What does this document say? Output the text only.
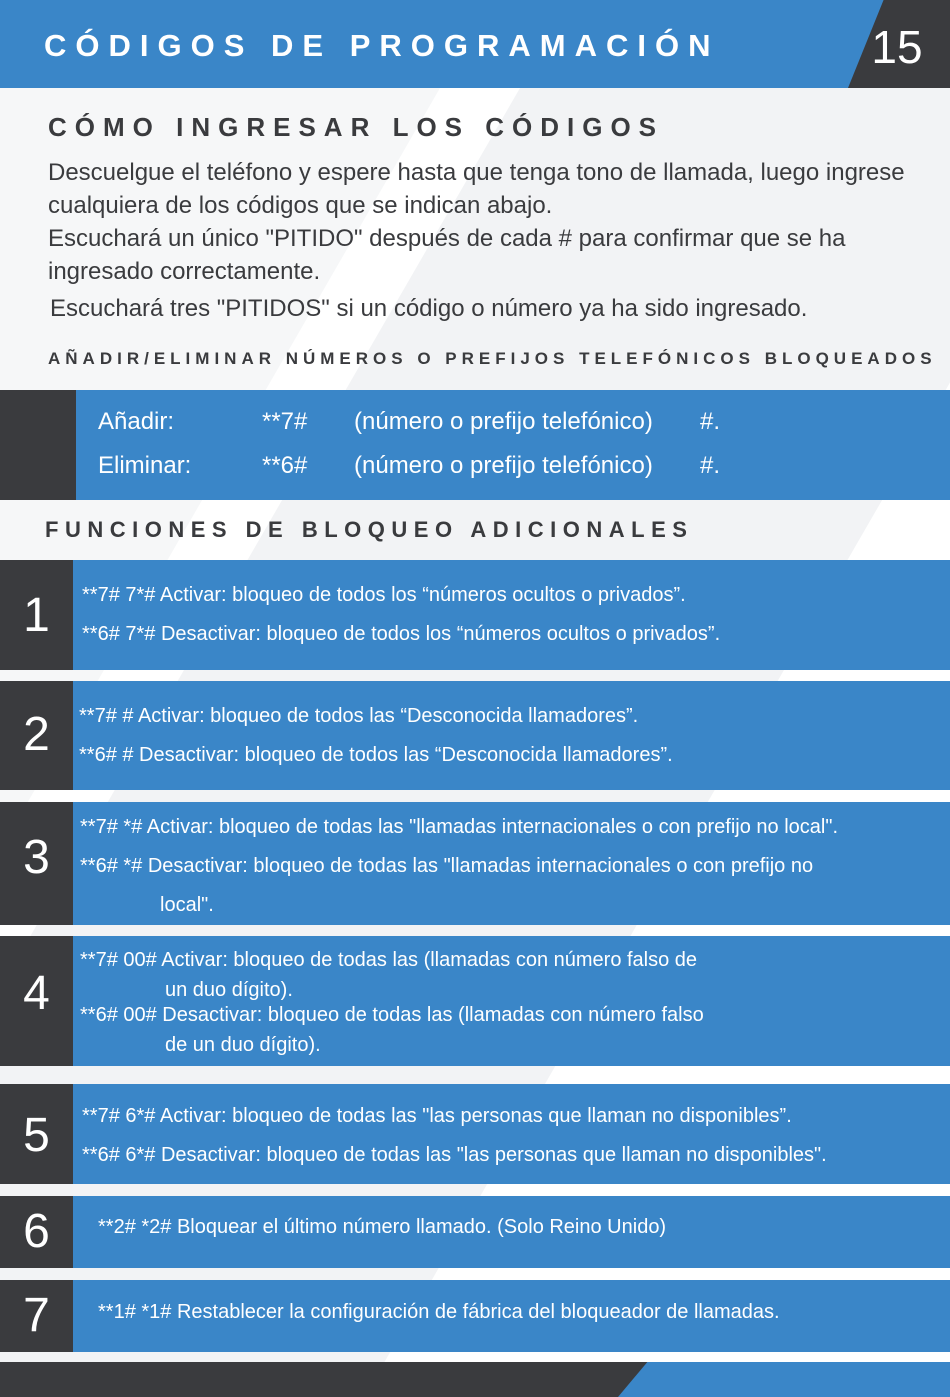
CÓDIGOS DE PROGRAMACIÓN	15
CÓMO INGRESAR LOS CÓDIGOS
Descuelgue el teléfono y espere hasta que tenga tono de llamada, luego ingrese cualquiera de los códigos que se indican abajo.
Escuchará un único "PITIDO" después de cada # para confirmar que se ha ingresado correctamente.
Escuchará tres "PITIDOS" si un código o número ya ha sido ingresado.
AÑADIR/ELIMINAR NÚMEROS O PREFIJOS TELEFÓNICOS BLOQUEADOS
Añadir:	**7# (número o prefijo telefónico) #.
Eliminar:	**6# (número o prefijo telefónico) #.
FUNCIONES DE BLOQUEO ADICIONALES
1	**7# 7*# Activar: bloqueo de todos los “números ocultos o privados”.
**6# 7*# Desactivar: bloqueo de todos los “números ocultos o privados”.
2	**7# # Activar: bloqueo de todos las “Desconocida llamadores”.
**6# # Desactivar: bloqueo de todos las “Desconocida llamadores”.
3
**7# *# Activar: bloqueo de todas las "llamadas internacionales o con prefijo no local".
**6# *# Desactivar: bloqueo de todas las "llamadas internacionales o con prefijo no
local".
4
**7# 00# Activar: bloqueo de todas las (llamadas con número falso de
un duo dígito).
**6# 00# Desactivar: bloqueo de todas las (llamadas con número falso
de un duo dígito).
5	**7# 6*# Activar: bloqueo de todas las "las personas que llaman no disponibles”.
**6# 6*# Desactivar: bloqueo de todas las "las personas que llaman no disponibles".
6	**2# *2# Bloquear el último número llamado. (Solo Reino Unido)
7	**1# *1# Restablecer la configuración de fábrica del bloqueador de llamadas.
